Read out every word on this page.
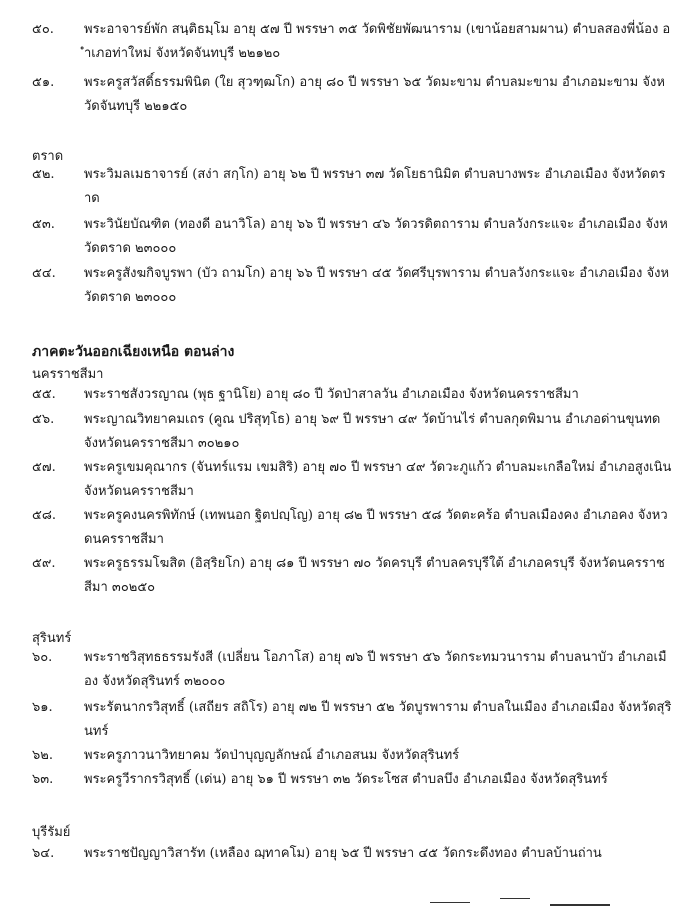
๕๐.	พระอาจารย์พัก สนฺติธมฺโม อายุ ๕๗ ปี พรรษา ๓๕ วัดพิชัยพัฒนาราม (เขาน้อยสามผาน) ตำบลสองพี่น้อง อำเภอท่าใหม่ จังหวัดจันทบุรี ๒๒๑๒๐
๕๑.	พระครูสวัสดิ์ธรรมพินิต (ใย สุวฑฺฒโก) อายุ ๘๐ ปี พรรษา ๖๕ วัดมะขาม ตำบลมะขาม อำเภอมะขาม จังหวัดจันทบุรี ๒๒๑๕๐
ตราด
๕๒.	พระวิมลเมธาจารย์ (สง่า สกฺโก) อายุ ๖๒ ปี พรรษา ๓๗ วัดโยธานิมิต ตำบลบางพระ อำเภอเมือง จังหวัดตราด
๕๓.	พระวินัยบัณฑิต (ทองดี อนาวิโล) อายุ ๖๖ ปี พรรษา ๔๖ วัดวรดิตถาราม ตำบลวังกระแจะ อำเภอเมือง จังหวัดตราด ๒๓๐๐๐
๕๔.	พระครูสังฆกิจบูรพา (บัว ถามโก) อายุ ๖๖ ปี พรรษา ๔๕ วัดศรีบุรพาราม ตำบลวังกระแจะ อำเภอเมือง จังหวัดตราด ๒๓๐๐๐
ภาคตะวันออกเฉียงเหนือ ตอนล่าง
นครราชสีมา
๕๕.	พระราชสังวรญาณ (พุธ ฐานิโย) อายุ ๘๐ ปี วัดป่าสาลวัน อำเภอเมือง จังหวัดนครราชสีมา
๕๖.	พระญาณวิทยาคมเถร (คูณ ปริสุทฺโธ) อายุ ๖๙ ปี พรรษา ๔๙ วัดบ้านไร่ ตำบลกุดพิมาน อำเภอด่านขุนทด จังหวัดนครราชสีมา ๓๐๒๑๐
๕๗.	พระครูเขมคุณากร (จันทร์แรม เขมสิริ) อายุ ๗๐ ปี พรรษา ๔๙ วัดวะภูแก้ว ตำบลมะเกลือใหม่ อำเภอสูงเนิน จังหวัดนครราชสีมา
๕๘.	พระครูคงนครพิทักษ์ (เทพนอก ฐิตปญฺโญ) อายุ ๘๒ ปี พรรษา ๕๘ วัดตะคร้อ ตำบลเมืองคง อำเภอคง จังหวดนครราชสีมา
๕๙.	พระครูธรรมโฆสิต (อิสฺริยโก) อายุ ๘๑ ปี พรรษา ๗๐ วัดครบุรี ตำบลครบุรีใต้ อำเภอครบุรี จังหวัดนครราชสีมา ๓๐๒๕๐
สุรินทร์
๖๐.	พระราชวิสุทธธรรมรังสี (เปลี่ยน โอภาโส) อายุ ๗๖ ปี พรรษา ๕๖ วัดกระทมวนาราม ตำบลนาบัว อำเภอเมือง จังหวัดสุรินทร์ ๓๒๐๐๐
๖๑.	พระรัตนากรวิสุทธิ์ (เสถียร สถิโร) อายุ ๗๒ ปี พรรษา ๕๒ วัดบูรพาราม ตำบลในเมือง อำเภอเมือง จังหวัดสุรินทร์
๖๒.	พระครูภาวนาวิทยาคม วัดป่าบุญญลักษณ์ อำเภอสนม จังหวัดสุรินทร์
๖๓.	พระครูวีรากรวิสุทธิ์ (เด่น) อายุ ๖๑ ปี พรรษา ๓๒ วัดระโซส ตำบลบึง อำเภอเมือง จังหวัดสุรินทร์
บุรีรัมย์
๖๔.	พระราชปัญญาวิสารัท (เหลือง ฌฺทาคโม) อายุ ๖๕ ปี พรรษา ๔๕ วัดกระดึงทอง ตำบลบ้านถ่าน
